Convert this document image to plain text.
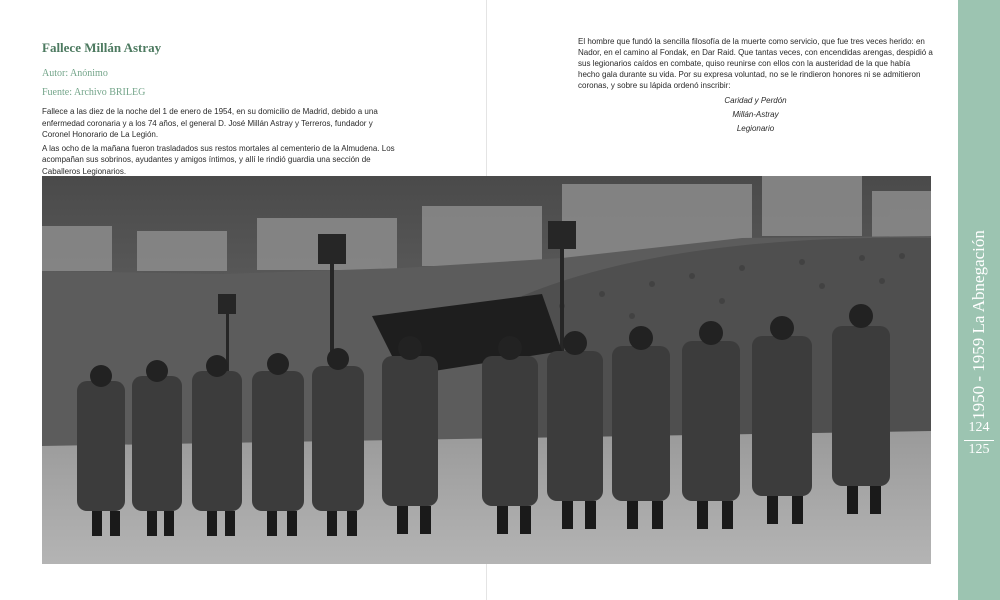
Fallece Millán Astray

Autor: Anónimo

Fuente: Archivo BRILEG

Fallece a las diez de la noche del 1 de enero de 1954, en su domicilio de Madrid, debido a una enfermedad coronaria y a los 74 años, el general D. José Millán Astray y Terreros, fundador y Coronel Honorario de La Legión.

A las ocho de la mañana fueron trasladados sus restos mortales al cementerio de la Almudena. Los acompañan sus sobrinos, ayudantes y amigos íntimos, y allí le rindió guardia una sección de Caballeros Legionarios.

El hombre que fundó la sencilla filosofía de la muerte como servicio, que fue tres veces herido: en Nador, en el camino al Fondak, en Dar Raid. Que tantas veces, con encendidas arengas, despidió a sus legionarios caídos en combate, quiso reunirse con ellos con la austeridad de la que había hecho gala durante su vida. Por su expresa voluntad, no se le rindieron honores ni se admitieron coronas, y sobre su lápida ordenó inscribir:

Caridad y Perdón
Millán-Astray
Legionario
1950 - 1959 La Abnegación
124
125
